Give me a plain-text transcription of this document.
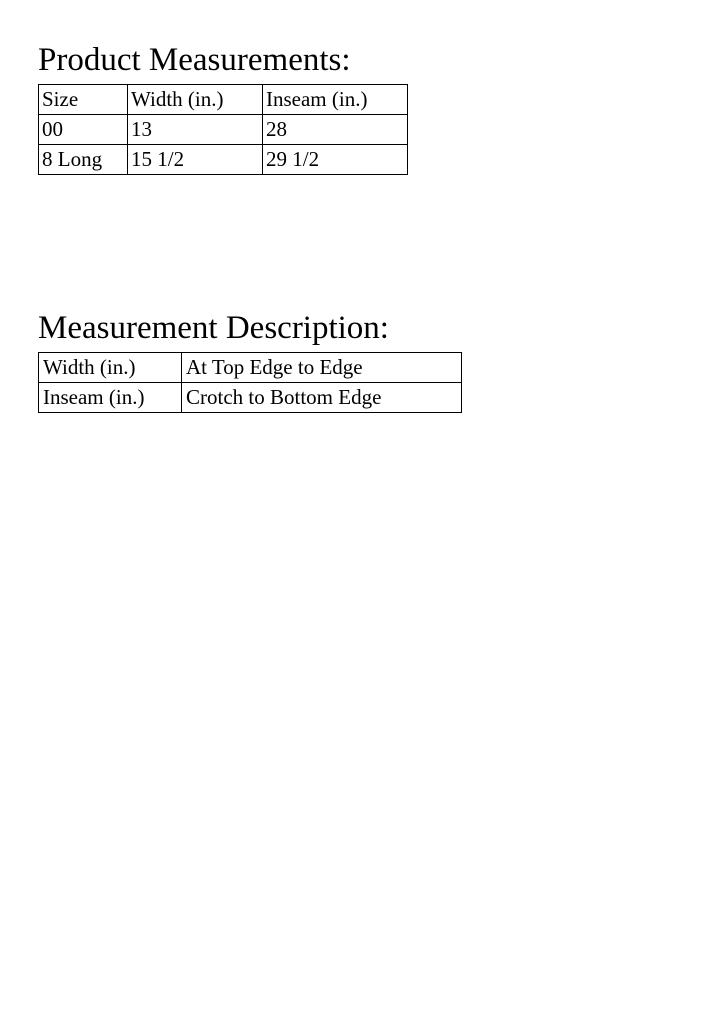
Product Measurements:
Size	Width (in.)	Inseam (in.)
00	13	28
8 Long	15 1/2	29 1/2
Measurement Description:
Width (in.)	At Top Edge to Edge
Inseam (in.)	Crotch to Bottom Edge
